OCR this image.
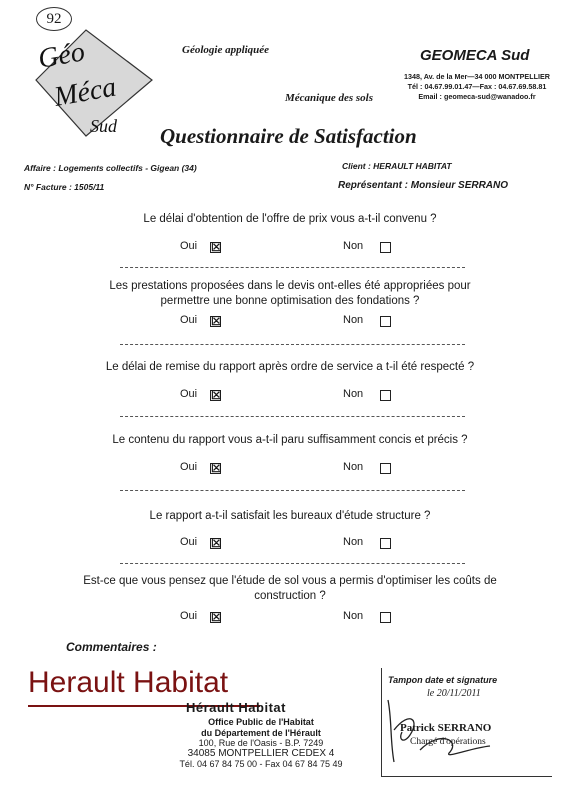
92
Géo
Méca
Sud
Géologie appliquée
Mécanique des sols
GEOMECA Sud
1348, Av. de la Mer—34 000 MONTPELLIER
Tél : 04.67.99.01.47—Fax : 04.67.69.58.81
Email : geomeca-sud@wanadoo.fr
Questionnaire de Satisfaction
Affaire : Logements collectifs - Gigean (34)
N° Facture : 1505/11
Client : HERAULT HABITAT
Représentant : Monsieur SERRANO
Le délai d'obtention de l'offre de prix vous a-t-il convenu ?
Oui ☒	Non
Les prestations proposées dans le devis ont-elles été appropriées pour
permettre une bonne optimisation des fondations ?
Oui ☒	Non
Le délai de remise du rapport après ordre de service a t-il été respecté ?
Oui ☒	Non
Le contenu du rapport vous a-t-il paru suffisamment concis et précis ?
Oui ☒	Non
Le rapport a-t-il satisfait les bureaux d'étude structure ?
Oui ☒	Non
Est-ce que vous pensez que l'étude de sol vous a permis d'optimiser les coûts de
construction ?
Oui ☒	Non
Commentaires :
Herault Habitat
Hérault Habitat
Office Public de l'Habitat
du Département de l'Hérault
100, Rue de l'Oasis - B.P. 7249
34085 MONTPELLIER CEDEX 4
Tél. 04 67 84 75 00 - Fax 04 67 84 75 49
Tampon date et signature
le 20/11/2011
Patrick SERRANO
Chargé d'opérations
